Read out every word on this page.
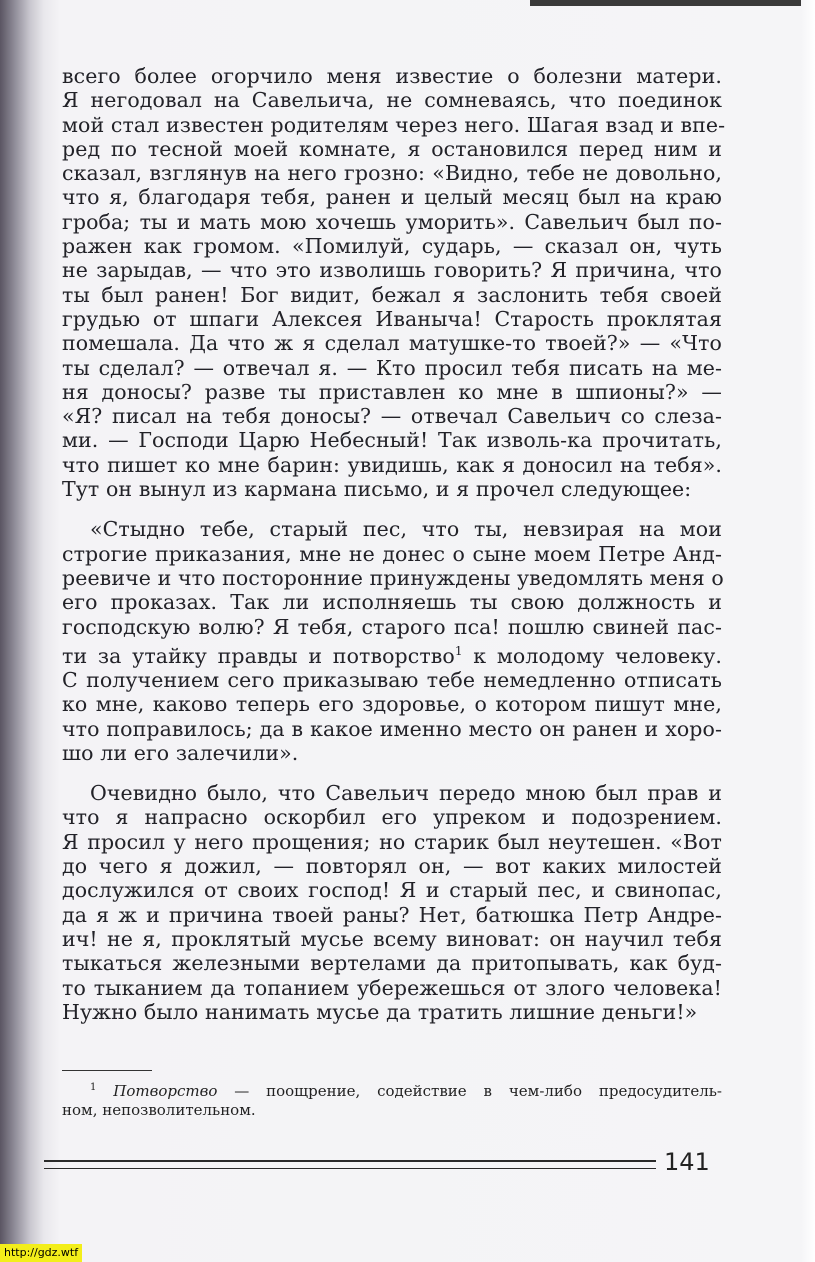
всего более огорчило меня известие о болезни матери.
Я негодовал на Савельича, не сомневаясь, что поединок
мой стал известен родителям через него. Шагая взад и впе-
ред по тесной моей комнате, я остановился перед ним и
сказал, взглянув на него грозно: «Видно, тебе не довольно,
что я, благодаря тебя, ранен и целый месяц был на краю
гроба; ты и мать мою хочешь уморить». Савельич был по-
ражен как громом. «Помилуй, сударь, — сказал он, чуть
не зарыдав, — что это изволишь говорить? Я причина, что
ты был ранен! Бог видит, бежал я заслонить тебя своей
грудью от шпаги Алексея Иваныча! Старость проклятая
помешала. Да что ж я сделал матушке-то твоей?» — «Что
ты сделал? — отвечал я. — Кто просил тебя писать на ме-
ня доносы? разве ты приставлен ко мне в шпионы?» —
«Я? писал на тебя доносы? — отвечал Савельич со слеза-
ми. — Господи Царю Небесный! Так изволь-ка прочитать,
что пишет ко мне барин: увидишь, как я доносил на тебя».
Тут он вынул из кармана письмо, и я прочел следующее:
«Стыдно тебе, старый пес, что ты, невзирая на мои
строгие приказания, мне не донес о сыне моем Петре Анд-
реевиче и что посторонние принуждены уведомлять меня о
его проказах. Так ли исполняешь ты свою должность и
господскую волю? Я тебя, старого пса! пошлю свиней пас-
ти за утайку правды и потворство$^1$ к молодому человеку.
С получением сего приказываю тебе немедленно отписать
ко мне, каково теперь его здоровье, о котором пишут мне,
что поправилось; да в какое именно место он ранен и хоро-
шо ли его залечили».
Очевидно было, что Савельич передо мною был прав и
что я напрасно оскорбил его упреком и подозрением.
Я просил у него прощения; но старик был неутешен. «Вот
до чего я дожил, — повторял он, — вот каких милостей
дослужился от своих господ! Я и старый пес, и свинопас,
да я ж и причина твоей раны? Нет, батюшка Петр Андре-
ич! не я, проклятый мусье всему виноват: он научил тебя
тыкаться железными вертелами да притопывать, как буд-
то тыканием да топанием убережешься от злого человека!
Нужно было нанимать мусье да тратить лишние деньги!»
$^1$ Потворство — поощрение, содействие в чем-либо предосудитель-
ном, непозволительном.
141
http://gdz.wtf
